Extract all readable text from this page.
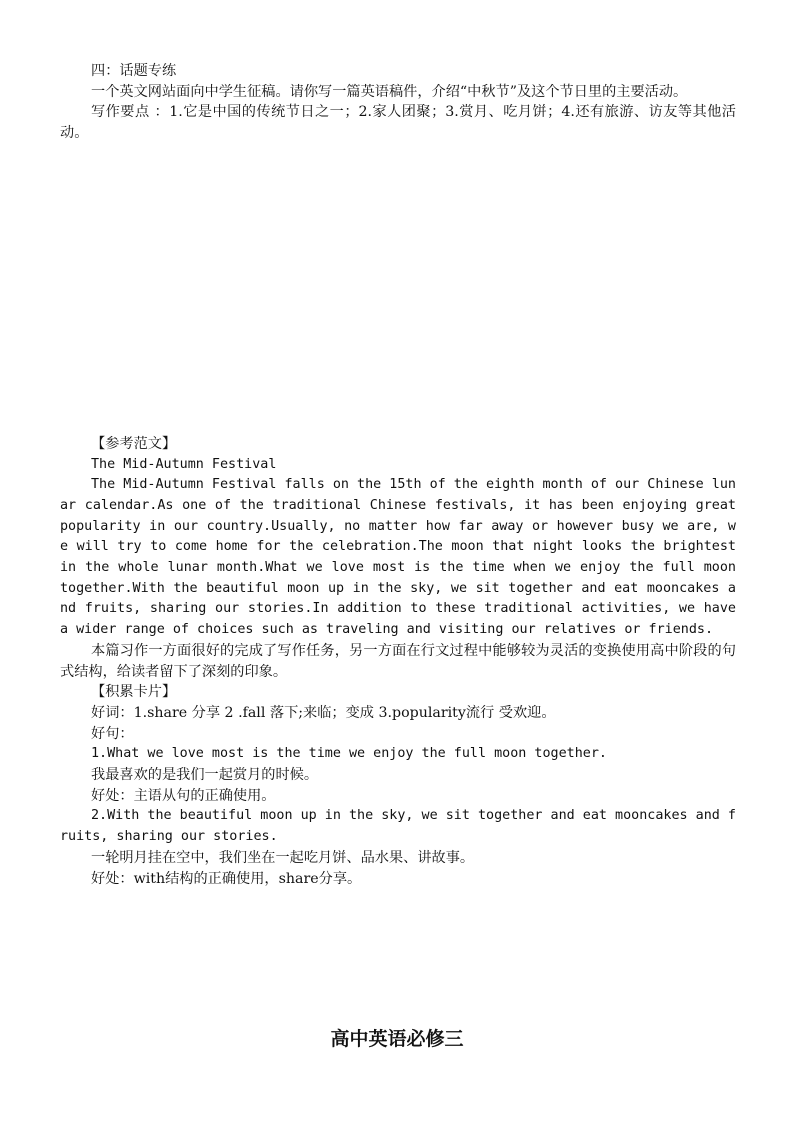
四：话题专练

一个英文网站面向中学生征稿。请你写一篇英语稿件，介绍“中秋节”及这个节日里的主要活动。

写作要点 ：1.它是中国的传统节日之一；2.家人团聚；3.赏月、吃月饼；4.还有旅游、访友等其他活动。

【参考范文】

The Mid-Autumn Festival

The Mid-Autumn Festival falls on the 15th of the eighth month of our Chinese lunar calendar.As one of the traditional Chinese festivals, it has been enjoying great popularity in our country.Usually, no matter how far away or however busy we are, we will try to come home for the celebration.The moon that night looks the brightest in the whole lunar month.What we love most is the time when we enjoy the full moon together.With the beautiful moon up in the sky, we sit together and eat mooncakes and fruits, sharing our stories.In addition to these traditional activities, we have a wider range of choices such as traveling and visiting our relatives or friends.

本篇习作一方面很好的完成了写作任务，另一方面在行文过程中能够较为灵活的变换使用高中阶段的句式结构，给读者留下了深刻的印象。

【积累卡片】

好词：1.share 分享 2 .fall 落下;来临；变成 3.popularity流行 受欢迎。

好句：

1.What we love most is the time we enjoy the full moon together.

我最喜欢的是我们一起赏月的时候。

好处：主语从句的正确使用。

2.With the beautiful moon up in the sky, we sit together and eat mooncakes and fruits, sharing our stories.

一轮明月挂在空中，我们坐在一起吃月饼、品水果、讲故事。

好处：with结构的正确使用，share分享。

高中英语必修三
